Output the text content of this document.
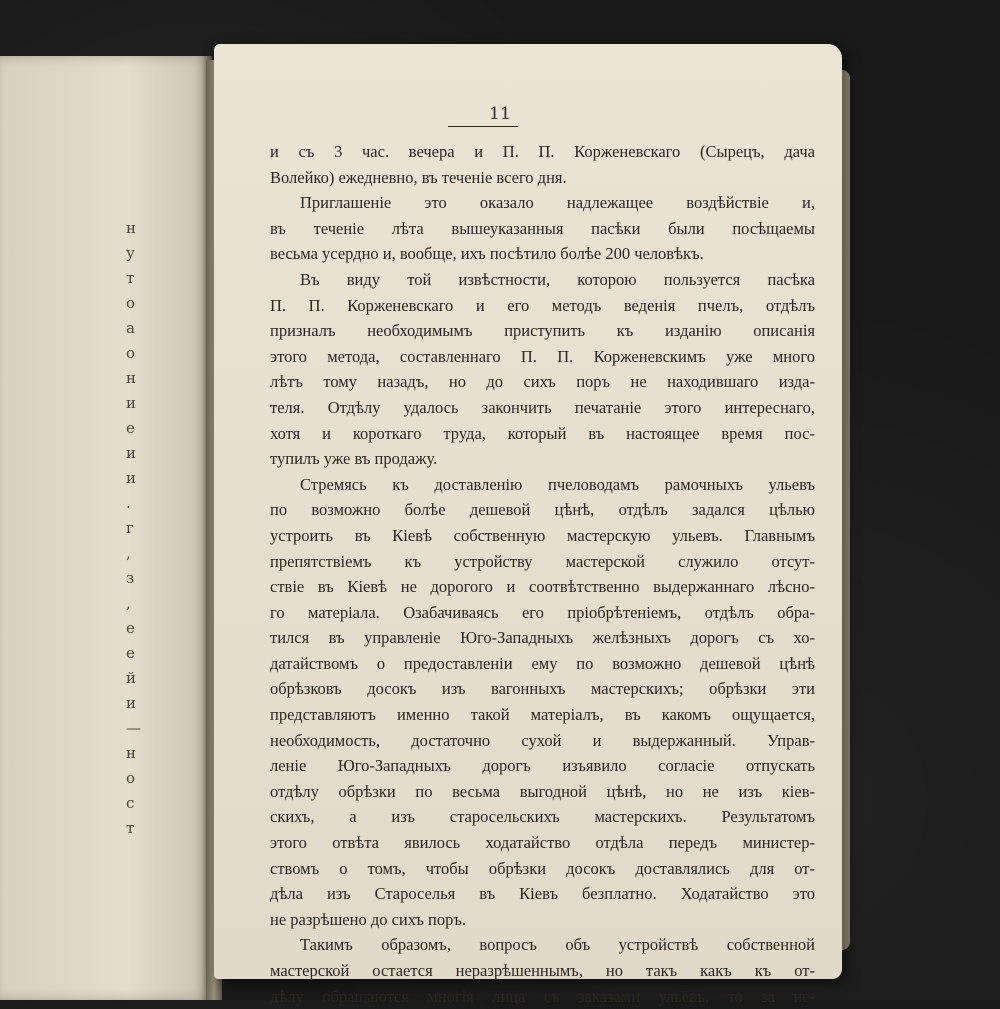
н
у
т
о
а
о
н
и
е
и
и
.
г
,
з
,
е
е
й
и
—
н
о
с
т
11
и съ 3 час. вечера и П. П. Корженевскаго (Сырецъ, дача
Волейко) ежедневно, въ теченіе всего дня.
Приглашеніе это оказало надлежащее воздѣйствіе и,
въ теченіе лѣта вышеуказанныя пасѣки были посѣщаемы
весьма усердно и, вообще, ихъ посѣтило болѣе 200 человѣкъ.
Въ виду той извѣстности, которою пользуется пасѣка
П. П. Корженевскаго и его методъ веденія пчелъ, отдѣлъ
призналъ необходимымъ приступить къ изданію описанія
этого метода, составленнаго П. П. Корженевскимъ уже много
лѣтъ тому назадъ, но до сихъ поръ не находившаго изда-
теля. Отдѣлу удалось закончить печатаніе этого интереснаго,
хотя и короткаго труда, который въ настоящее время пос-
тупилъ уже въ продажу.
Стремясь къ доставленію пчеловодамъ рамочныхъ ульевъ
по возможно болѣе дешевой цѣнѣ, отдѣлъ задался цѣлью
устроить въ Кіевѣ собственную мастерскую ульевъ. Главнымъ
препятствіемъ къ устройству мастерской служило отсут-
ствіе въ Кіевѣ не дорогого и соотвѣтственно выдержаннаго лѣсно-
го матеріала. Озабачиваясь его пріобрѣтеніемъ, отдѣлъ обра-
тился въ управленіе Юго-Западныхъ желѣзныхъ дорогъ съ хо-
датайствомъ о предоставленіи ему по возможно дешевой цѣнѣ
обрѣзковъ досокъ изъ вагонныхъ мастерскихъ; обрѣзки эти
представляютъ именно такой матеріалъ, въ какомъ ощущается,
необходимость, достаточно сухой и выдержанный. Управ-
леніе Юго-Западныхъ дорогъ изъявило согласіе отпускать
отдѣлу обрѣзки по весьма выгодной цѣнѣ, но не изъ кіев-
скихъ, а изъ старосельскихъ мастерскихъ. Результатомъ
этого отвѣта явилось ходатайство отдѣла передъ министер-
ствомъ о томъ, чтобы обрѣзки досокъ доставлялись для от-
дѣла изъ Староселья въ Кіевъ безплатно. Ходатайство это
не разрѣшено до сихъ поръ.
Такимъ образомъ, вопросъ объ устройствѣ собственной
мастерской остается неразрѣшеннымъ, но такъ какъ къ от-
дѣлу обращаются многія лица съ заказами ульевъ, то за не-
